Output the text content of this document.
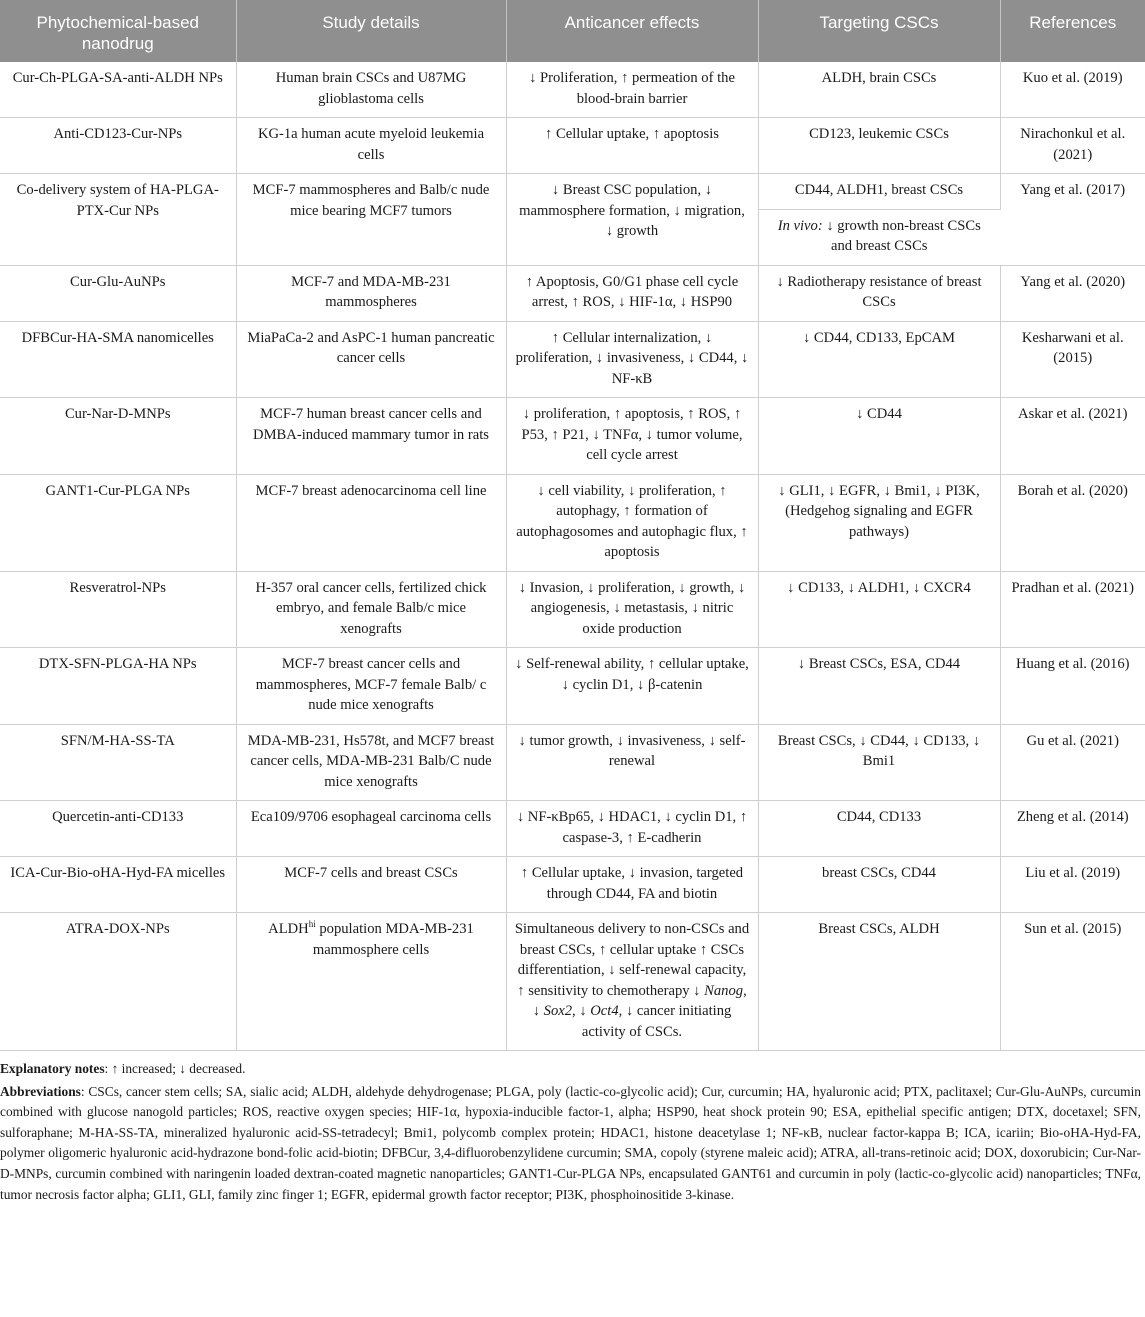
Phytochemical-based nanodrug	Study details	Anticancer effects	Targeting CSCs	References
Cur-Ch-PLGA-SA-anti-ALDH NPs	Human brain CSCs and U87MG glioblastoma cells	↓ Proliferation, ↑ permeation of the blood-brain barrier	ALDH, brain CSCs	Kuo et al. (2019)
Anti-CD123-Cur-NPs	KG-1a human acute myeloid leukemia cells	↑ Cellular uptake, ↑ apoptosis	CD123, leukemic CSCs	Nirachonkul et al. (2021)
Co-delivery system of HA-PLGA-PTX-Cur NPs	MCF-7 mammospheres and Balb/c nude mice bearing MCF7 tumors	↓ Breast CSC population, ↓ mammosphere formation, ↓ migration, ↓ growth	CD44, ALDH1, breast CSCs	Yang et al. (2017)
			In vivo: ↓ growth non-breast CSCs and breast CSCs	
Cur-Glu-AuNPs	MCF-7 and MDA-MB-231 mammospheres	↑ Apoptosis, G0/G1 phase cell cycle arrest, ↑ ROS, ↓ HIF-1α, ↓ HSP90	↓ Radiotherapy resistance of breast CSCs	Yang et al. (2020)
DFBCur-HA-SMA nanomicelles	MiaPaCa-2 and AsPC-1 human pancreatic cancer cells	↑ Cellular internalization, ↓ proliferation, ↓ invasiveness, ↓ CD44, ↓ NF-κB	↓ CD44, CD133, EpCAM	Kesharwani et al. (2015)
Cur-Nar-D-MNPs	MCF-7 human breast cancer cells and DMBA-induced mammary tumor in rats	↓ proliferation, ↑ apoptosis, ↑ ROS, ↑ P53, ↑ P21, ↓ TNFα, ↓ tumor volume, cell cycle arrest	↓ CD44	Askar et al. (2021)
GANT1-Cur-PLGA NPs	MCF-7 breast adenocarcinoma cell line	↓ cell viability, ↓ proliferation, ↑ autophagy, ↑ formation of autophagosomes and autophagic flux, ↑ apoptosis	↓ GLI1, ↓ EGFR, ↓ Bmi1, ↓ PI3K, (Hedgehog signaling and EGFR pathways)	Borah et al. (2020)
Resveratrol-NPs	H-357 oral cancer cells, fertilized chick embryo, and female Balb/c mice xenografts	↓ Invasion, ↓ proliferation, ↓ growth, ↓ angiogenesis, ↓ metastasis, ↓ nitric oxide production	↓ CD133, ↓ ALDH1, ↓ CXCR4	Pradhan et al. (2021)
DTX-SFN-PLGA-HA NPs	MCF-7 breast cancer cells and mammospheres, MCF-7 female Balb/ c nude mice xenografts	↓ Self-renewal ability, ↑ cellular uptake, ↓ cyclin D1, ↓ β-catenin	↓ Breast CSCs, ESA, CD44	Huang et al. (2016)
SFN/M-HA-SS-TA	MDA-MB-231, Hs578t, and MCF7 breast cancer cells, MDA-MB-231 Balb/C nude mice xenografts	↓ tumor growth, ↓ invasiveness, ↓ self-renewal	Breast CSCs, ↓ CD44, ↓ CD133, ↓ Bmi1	Gu et al. (2021)
Quercetin-anti-CD133	Eca109/9706 esophageal carcinoma cells	↓ NF-κBp65, ↓ HDAC1, ↓ cyclin D1, ↑ caspase-3, ↑ E-cadherin	CD44, CD133	Zheng et al. (2014)
ICA-Cur-Bio-oHA-Hyd-FA micelles	MCF-7 cells and breast CSCs	↑ Cellular uptake, ↓ invasion, targeted through CD44, FA and biotin	breast CSCs, CD44	Liu et al. (2019)
ATRA-DOX-NPs	$ALDH^{hi}$ population MDA-MB-231 mammosphere cells	Simultaneous delivery to non-CSCs and breast CSCs, ↑ cellular uptake ↑ CSCs differentiation, ↓ self-renewal capacity, ↑ sensitivity to chemotherapy ↓ Nanog, ↓ Sox2, ↓ Oct4, ↓ cancer initiating activity of CSCs.	Breast CSCs, ALDH	Sun et al. (2015)

Explanatory notes: ↑ increased; ↓ decreased.

Abbreviations: CSCs, cancer stem cells; SA, sialic acid; ALDH, aldehyde dehydrogenase; PLGA, poly (lactic-co-glycolic acid); Cur, curcumin; HA, hyaluronic acid; PTX, paclitaxel; Cur-Glu-AuNPs, curcumin combined with glucose nanogold particles; ROS, reactive oxygen species; HIF-1α, hypoxia-inducible factor-1, alpha; HSP90, heat shock protein 90; ESA, epithelial specific antigen; DTX, docetaxel; SFN, sulforaphane; M-HA-SS-TA, mineralized hyaluronic acid-SS-tetradecyl; Bmi1, polycomb complex protein; HDAC1, histone deacetylase 1; NF-κB, nuclear factor-kappa B; ICA, icariin; Bio-oHA-Hyd-FA, polymer oligomeric hyaluronic acid-hydrazone bond-folic acid-biotin; DFBCur, 3,4-difluorobenzylidene curcumin; SMA, copoly (styrene maleic acid); ATRA, all-trans-retinoic acid; DOX, doxorubicin; Cur-Nar-D-MNPs, curcumin combined with naringenin loaded dextran-coated magnetic nanoparticles; GANT1-Cur-PLGA NPs, encapsulated GANT61 and curcumin in poly (lactic-co-glycolic acid) nanoparticles; TNFα, tumor necrosis factor alpha; GLI1, GLI, family zinc finger 1; EGFR, epidermal growth factor receptor; PI3K, phosphoinositide 3-kinase.
